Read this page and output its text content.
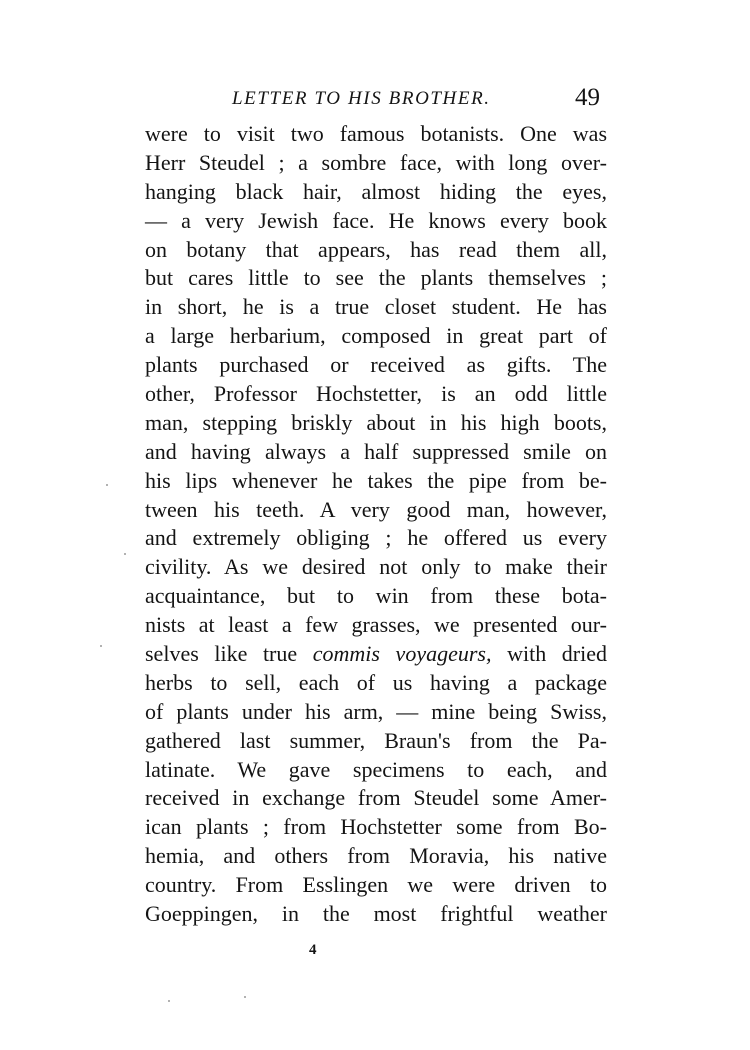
LETTER TO HIS BROTHER.	49
were to visit two famous botanists. One was
Herr Steudel ; a sombre face, with long over-
hanging black hair, almost hiding the eyes,
— a very Jewish face. He knows every book
on botany that appears, has read them all,
but cares little to see the plants themselves ;
in short, he is a true closet student. He has
a large herbarium, composed in great part of
plants purchased or received as gifts. The
other, Professor Hochstetter, is an odd little
man, stepping briskly about in his high boots,
and having always a half suppressed smile on
his lips whenever he takes the pipe from be-
tween his teeth. A very good man, however,
and extremely obliging ; he offered us every
civility. As we desired not only to make their
acquaintance, but to win from these bota-
nists at least a few grasses, we presented our-
selves like true commis voyageurs, with dried
herbs to sell, each of us having a package
of plants under his arm, — mine being Swiss,
gathered last summer, Braun's from the Pa-
latinate. We gave specimens to each, and
received in exchange from Steudel some Amer-
ican plants ; from Hochstetter some from Bo-
hemia, and others from Moravia, his native
country. From Esslingen we were driven to
Goeppingen, in the most frightful weather
4
